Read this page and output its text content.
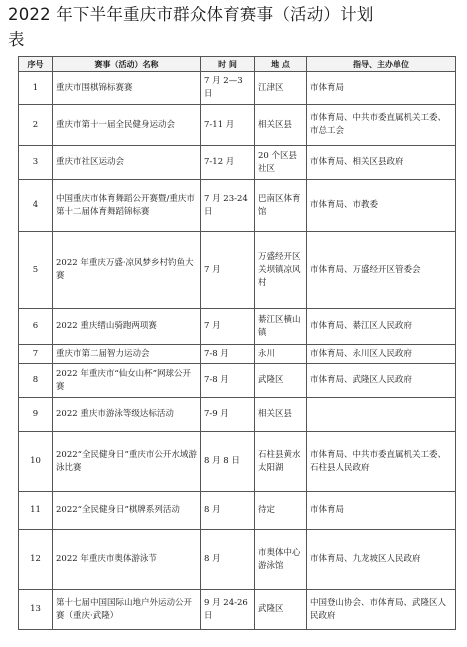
2022 年下半年重庆市群众体育赛事（活动）计划
表
序号	赛事（活动）名称	时 间	地 点	指导、主办单位
1	重庆市围棋锦标赛赛	7 月 2—3 日	江津区	市体育局
2	重庆市第十一届全民健身运动会	7-11 月	相关区县	市体育局、中共市委直属机关工委、市总工会
3	重庆市社区运动会	7-12 月	20 个区县社区	市体育局、相关区县政府
4	中国重庆市体育舞蹈公开赛暨/重庆市第十二届体育舞蹈锦标赛	7 月 23-24 日	巴南区体育馆	市体育局、市教委
5	2022 年重庆万盛·凉风梦乡村钓鱼大赛	7 月	万盛经开区关坝镇凉风村	市体育局、万盛经开区管委会
6	2022 重庆缙山骑跑两项赛	7 月	綦江区横山镇	市体育局、綦江区人民政府
7	重庆市第二届智力运动会	7-8 月	永川	市体育局、永川区人民政府
8	2022 年重庆市“仙女山杯”网球公开赛	7-8 月	武隆区	市体育局、武隆区人民政府
9	2022 重庆市游泳等级达标活动	7-9 月	相关区县	
10	2022“全民健身日”重庆市公开水域游泳比赛	8 月 8 日	石柱县黄水太阳湖	市体育局、中共市委直属机关工委、石柱县人民政府
11	2022“全民健身日”棋牌系列活动	8 月	待定	市体育局
12	2022 年重庆市奥体游泳节	8 月	市奥体中心游泳馆	市体育局、九龙坡区人民政府
13	第十七届中国国际山地户外运动公开赛（重庆·武隆）	9 月 24-26 日	武隆区	中国登山协会、市体育局、武隆区人民政府
